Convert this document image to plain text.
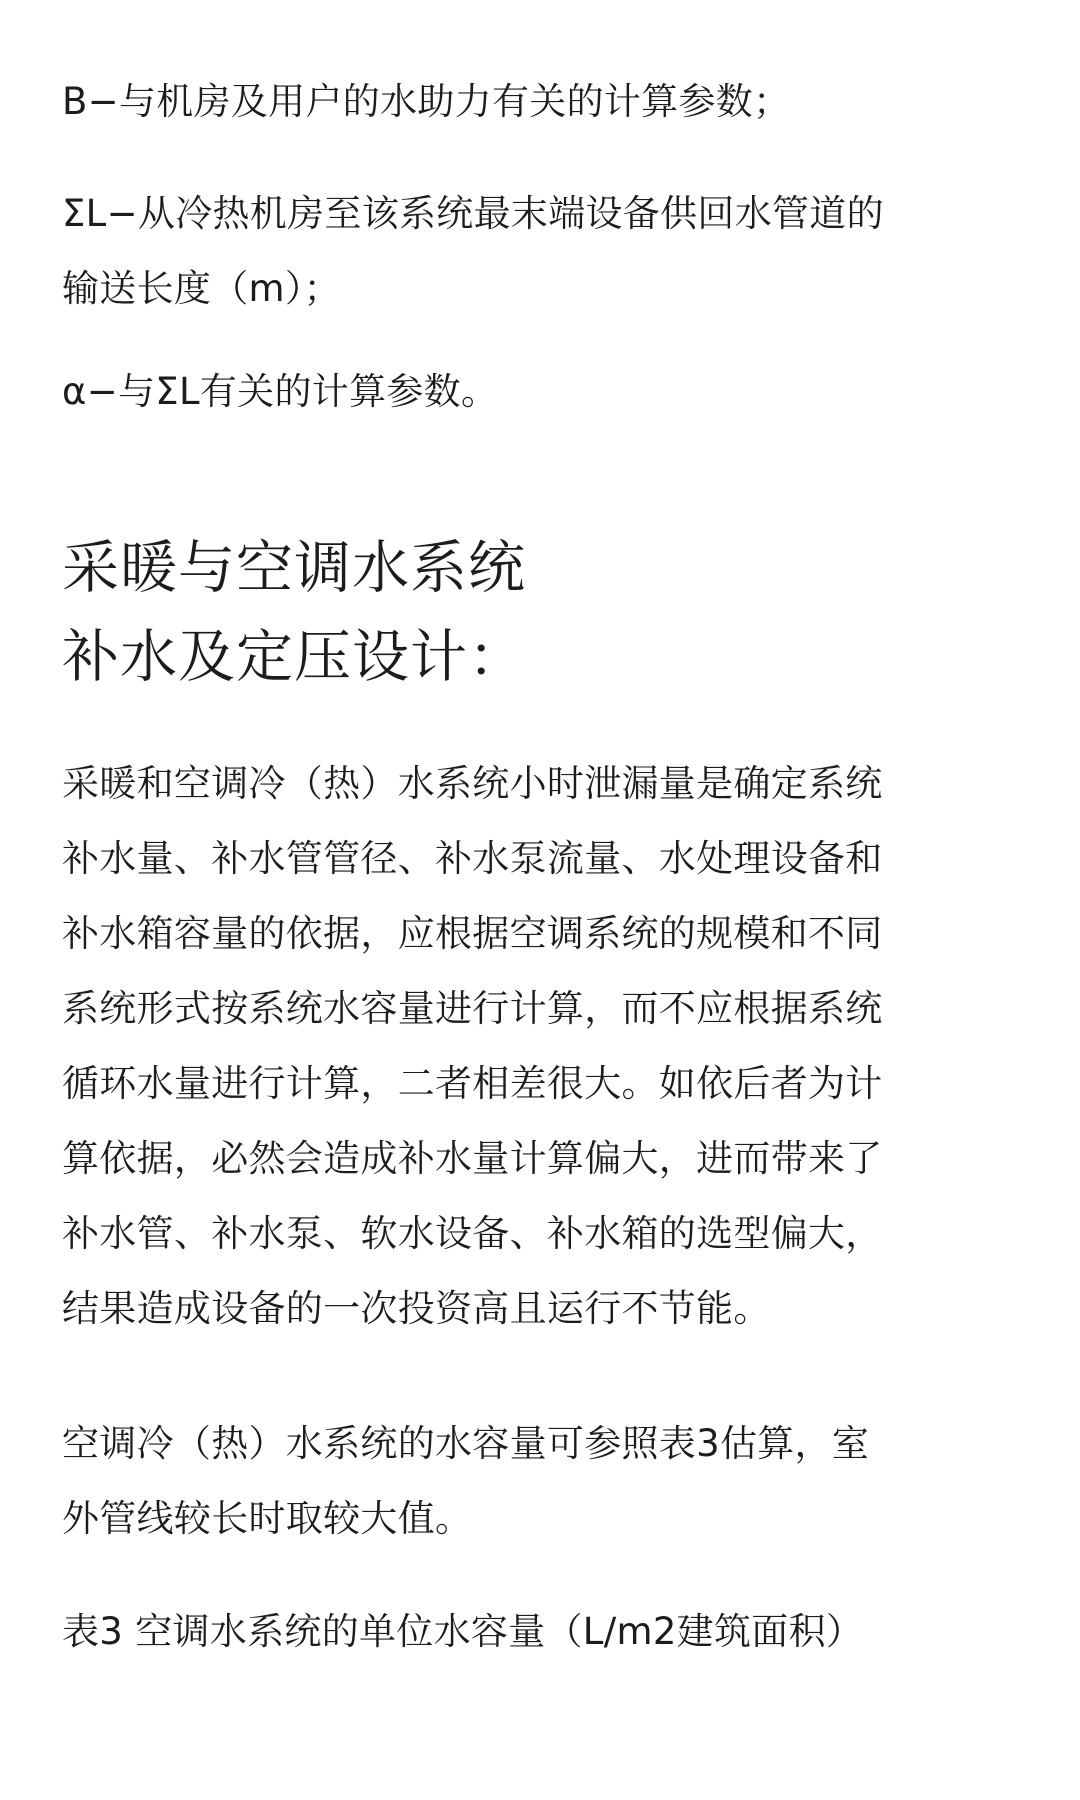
B−与机房及用户的水助力有关的计算参数；

ΣL−从冷热机房至该系统最末端设备供回水管道的
输送长度（m）；

α−与ΣL有关的计算参数。

采暖与空调水系统
补水及定压设计：

采暖和空调冷（热）水系统小时泄漏量是确定系统
补水量、补水管管径、补水泵流量、水处理设备和
补水箱容量的依据，应根据空调系统的规模和不同
系统形式按系统水容量进行计算，而不应根据系统
循环水量进行计算，二者相差很大。如依后者为计
算依据，必然会造成补水量计算偏大，进而带来了
补水管、补水泵、软水设备、补水箱的选型偏大，
结果造成设备的一次投资高且运行不节能。

空调冷（热）水系统的水容量可参照表3估算，室
外管线较长时取较大值。

表3 空调水系统的单位水容量（L/m2建筑面积）
